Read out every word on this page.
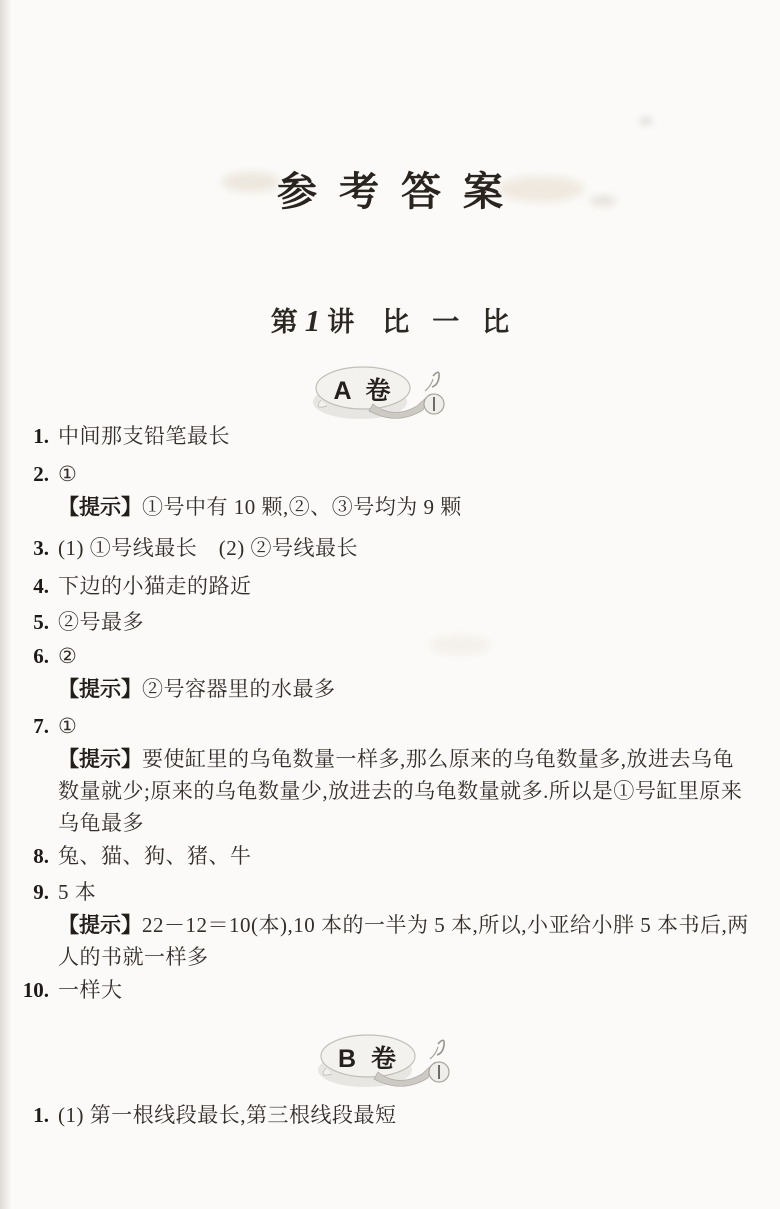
参考答案
第 1 讲 比一比
A 卷
1. 中间那支铅笔最长
2. ①
【提示】①号中有 10 颗,②、③号均为 9 颗
3. (1) ①号线最长　(2) ②号线最长
4. 下边的小猫走的路近
5. ②号最多
6. ②
【提示】②号容器里的水最多
7. ①
【提示】要使缸里的乌龟数量一样多,那么原来的乌龟数量多,放进去乌龟数量就少;原来的乌龟数量少,放进去的乌龟数量就多.所以是①号缸里原来乌龟最多
8. 兔、猫、狗、猪、牛
9. 5 本
【提示】22－12＝10(本),10 本的一半为 5 本,所以,小亚给小胖 5 本书后,两人的书就一样多
10. 一样大
B 卷
1. (1) 第一根线段最长,第三根线段最短
